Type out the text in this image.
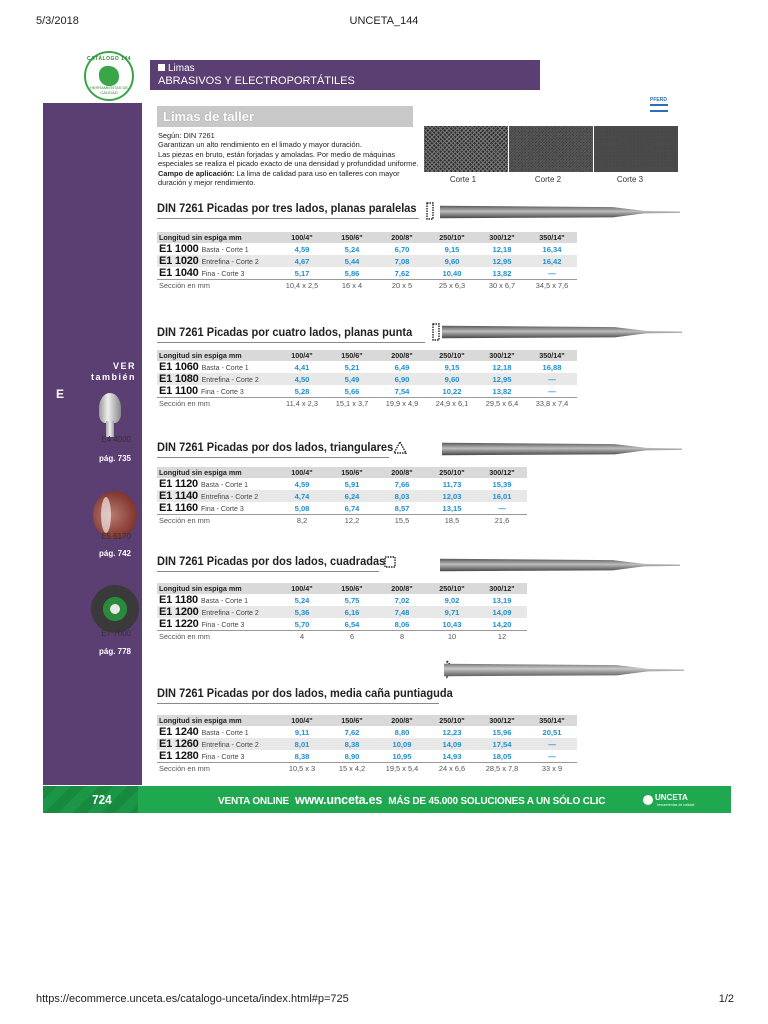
5/3/2018	UNCETA_144
CATÁLOGO 144
HERRAMIENTAS DE CALIDAD
Limas
ABRASIVOS Y ELECTROPORTÁTILES
VER
también
E
E4 4000
pág. 735
E5 5170
pág. 742
E7 7000
pág. 778
Limas de taller
Según: DIN 7261
Garantizan un alto rendimiento en el limado y mayor duración.
Las piezas en bruto, están forjadas y amoladas. Por medio de máquinas especiales se realiza el picado exacto de una densidad y profundidad uniforme.
Campo de aplicación: La lima de calidad para uso en talleres con mayor duración y mejor rendimiento.
PFERD
Corte 1	Corte 2	Corte 3
DIN 7261 Picadas por tres lados, planas paralelas
Longitud sin espiga mm	100/4"	150/6"	200/8"	250/10"	300/12"	350/14"
E1 1000 Basta - Corte 1	4,59	5,24	6,70	9,15	12,18	16,34
E1 1020 Entrefina - Corte 2	4,67	5,44	7,08	9,60	12,95	16,42
E1 1040 Fina - Corte 3	5,17	5,86	7,62	10,40	13,82	—
Sección en mm	10,4 x 2,5	16 x 4	20 x 5	25 x 6,3	30 x 6,7	34,5 x 7,6
DIN 7261 Picadas por cuatro lados, planas punta
Longitud sin espiga mm	100/4"	150/6"	200/8"	250/10"	300/12"	350/14"
E1 1060 Basta - Corte 1	4,41	5,21	6,49	9,15	12,18	16,88
E1 1080 Entrefina - Corte 2	4,50	5,49	6,90	9,60	12,95	—
E1 1100 Fina - Corte 3	5,28	5,66	7,54	10,22	13,82	—
Sección en mm	11,4 x 2,3	15,1 x 3,7	19,9 x 4,9	24,9 x 6,1	29,5 x 6,4	33,8 x 7,4
DIN 7261 Picadas por dos lados, triangulares
Longitud sin espiga mm	100/4"	150/6"	200/8"	250/10"	300/12"
E1 1120 Basta - Corte 1	4,59	5,91	7,66	11,73	15,39
E1 1140 Entrefina - Corte 2	4,74	6,24	8,03	12,03	16,01
E1 1160 Fina - Corte 3	5,08	6,74	8,57	13,15	—
Sección en mm	8,2	12,2	15,5	18,5	21,6
DIN 7261 Picadas por dos lados, cuadradas
Longitud sin espiga mm	100/4"	150/6"	200/8"	250/10"	300/12"
E1 1180 Basta - Corte 1	5,24	5,75	7,02	9,02	13,19
E1 1200 Entrefina - Corte 2	5,36	6,16	7,48	9,71	14,09
E1 1220 Fina - Corte 3	5,70	6,54	8,06	10,43	14,20
Sección en mm	4	6	8	10	12
DIN 7261 Picadas por dos lados, media caña puntiaguda
Longitud sin espiga mm	100/4"	150/6"	200/8"	250/10"	300/12"	350/14"
E1 1240 Basta - Corte 1	9,11	7,62	8,80	12,23	15,96	20,51
E1 1260 Entrefina - Corte 2	8,01	8,38	10,09	14,09	17,54	—
E1 1280 Fina - Corte 3	8,38	8,90	10,95	14,93	18,05	—
Sección en mm	10,5 x 3	15 x 4,2	19,5 x 5,4	24 x 6,6	28,5 x 7,8	33 x 9
724	VENTA ONLINE www.unceta.es MÁS DE 45.000 SOLUCIONES A UN SÓLO CLIC	UNCETA
herramientas de calidad
https://ecommerce.unceta.es/catalogo-unceta/index.html#p=725	1/2
